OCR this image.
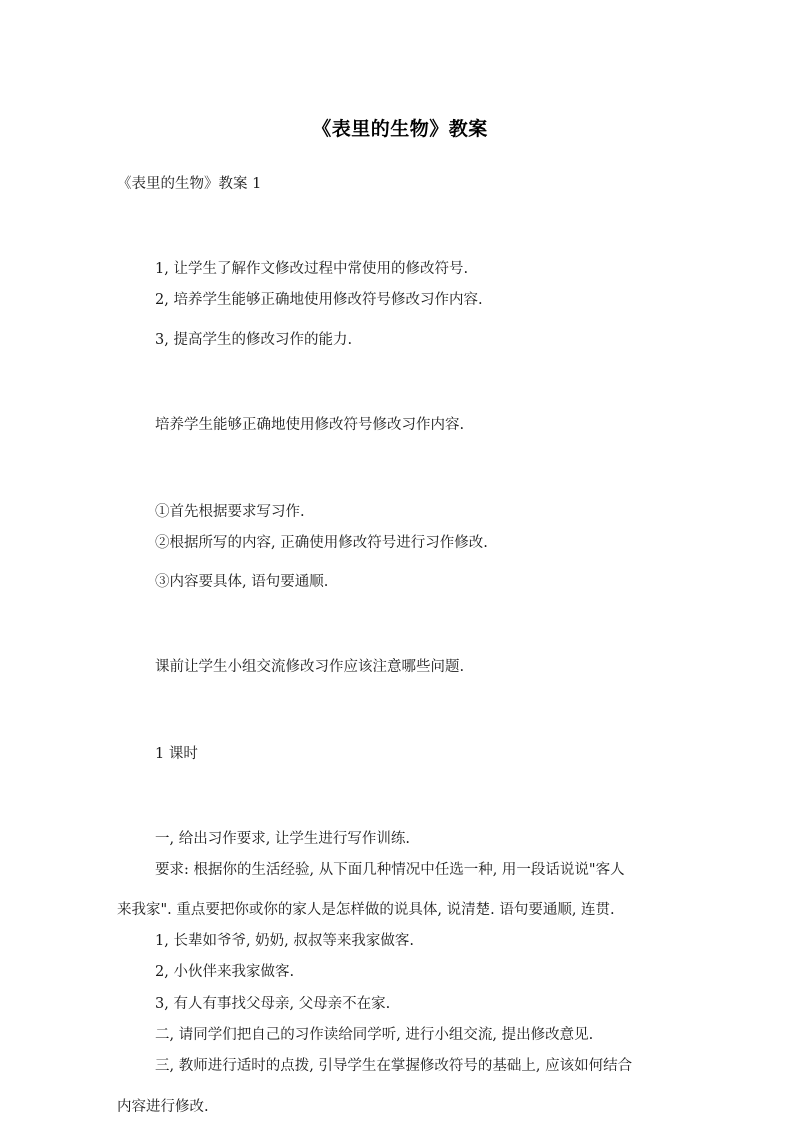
《表里的生物》教案
《表里的生物》教案 1
1, 让学生了解作文修改过程中常使用的修改符号.
2, 培养学生能够正确地使用修改符号修改习作内容.
3, 提高学生的修改习作的能力.
培养学生能够正确地使用修改符号修改习作内容.
①首先根据要求写习作.
②根据所写的内容, 正确使用修改符号进行习作修改.
③内容要具体, 语句要通顺.
课前让学生小组交流修改习作应该注意哪些问题.
1 课时
一, 给出习作要求, 让学生进行写作训练.
要求: 根据你的生活经验, 从下面几种情况中任选一种, 用一段话说说"客人
来我家". 重点要把你或你的家人是怎样做的说具体, 说清楚. 语句要通顺, 连贯.
1, 长辈如爷爷, 奶奶, 叔叔等来我家做客.
2, 小伙伴来我家做客.
3, 有人有事找父母亲, 父母亲不在家.
二, 请同学们把自己的习作读给同学听, 进行小组交流, 提出修改意见.
三, 教师进行适时的点拨, 引导学生在掌握修改符号的基础上, 应该如何结合
内容进行修改.
